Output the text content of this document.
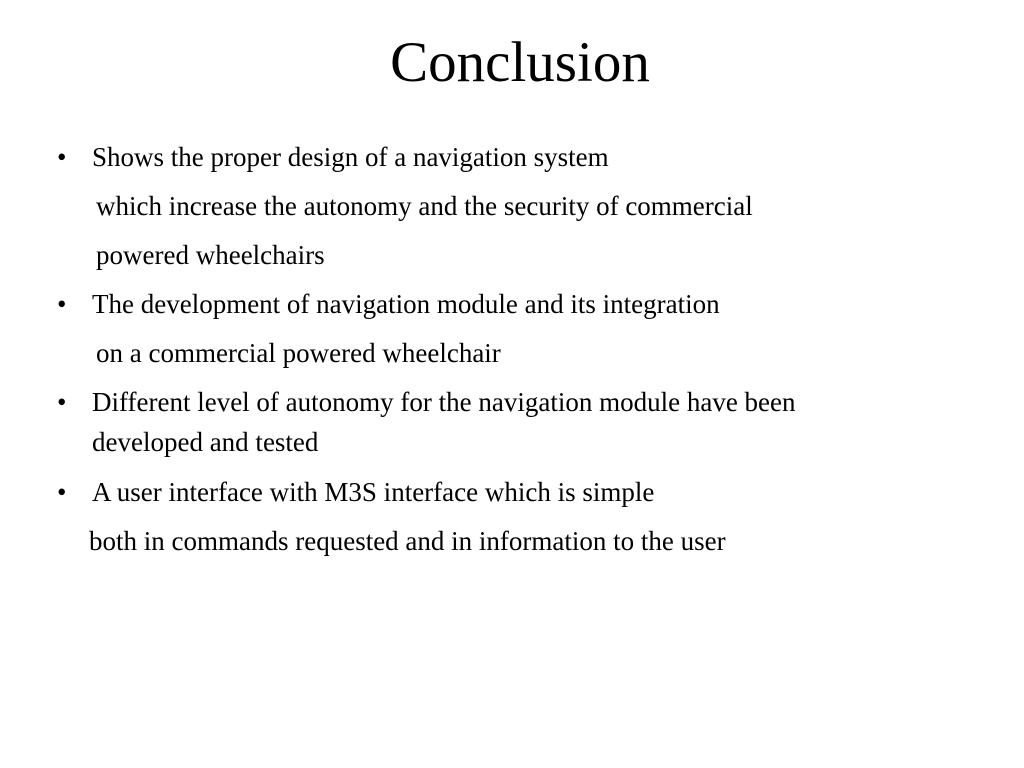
Conclusion
• Shows the proper design of a navigation system
which increase the autonomy and the security of commercial
powered wheelchairs
• The development of navigation module and its integration
on a commercial powered wheelchair
• Different level of autonomy for the navigation module have been
developed and tested
• A user interface with M3S interface which is simple
both in commands requested and in information to the user
